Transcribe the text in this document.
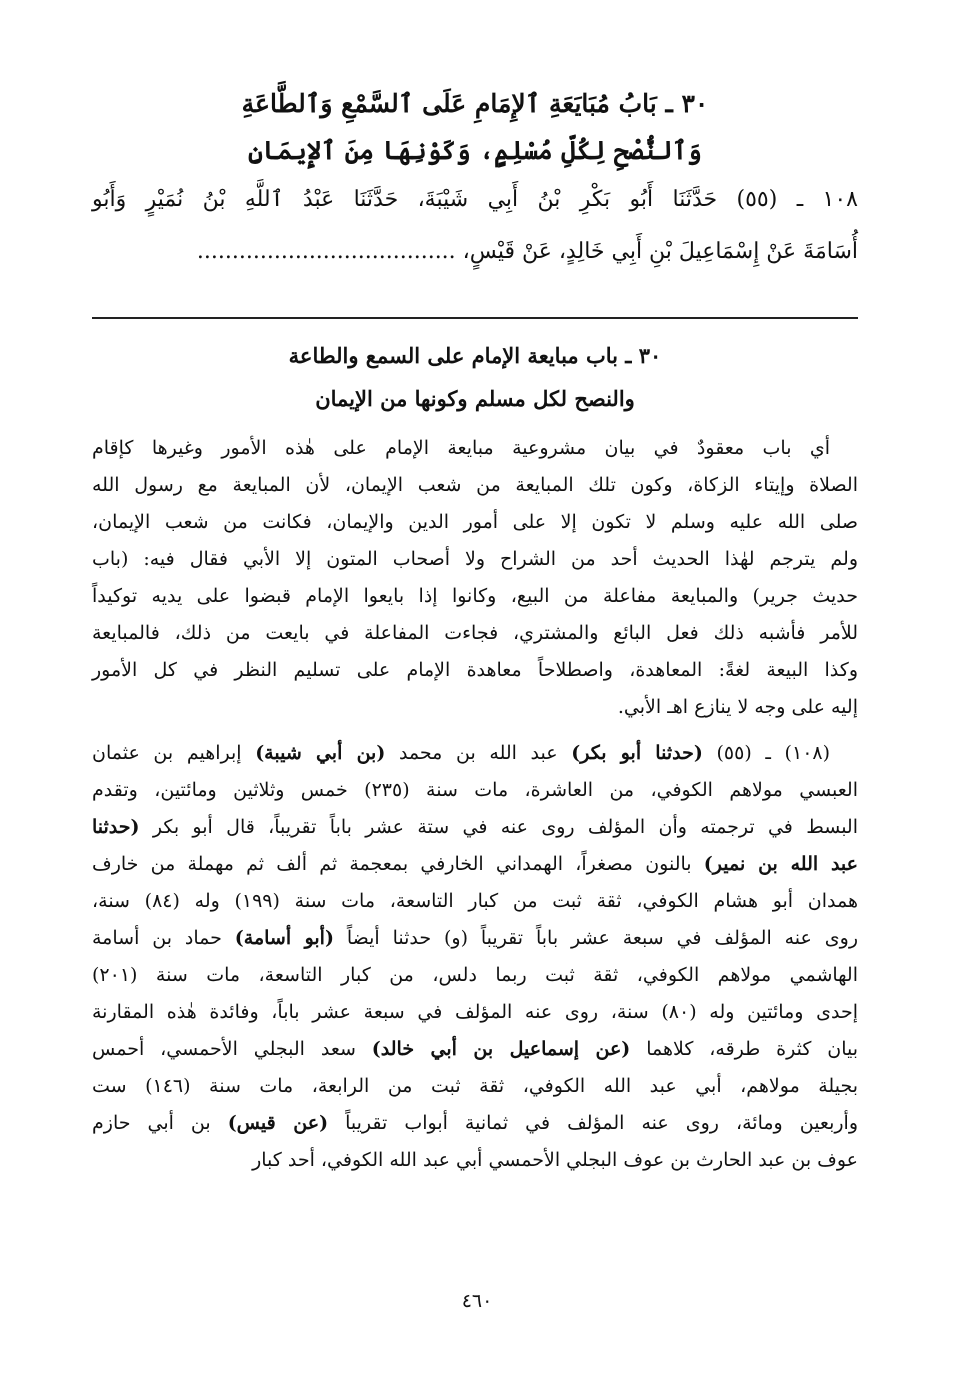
٣٠ ـ بَابُ مُبَايَعَةِ ٱلإِمَامِ عَلَى ٱلسَّمْعِ وَٱلطَّاعَةِ
وَٱلنُّصْحِ لِكُلِّ مُسْلِمٍ، وَكَوْنِهَا مِنَ ٱلإِيمَانِ
١٠٨ ـ (٥٥) حَدَّثَنَا أَبُو بَكْرِ بْنُ أَبِي شَيْبَةَ، حَدَّثَنَا عَبْدُ ٱللَّهِ بْنُ نُمَيْرٍ وَأَبُو
أُسَامَةَ عَنْ إِسْمَاعِيلَ بْنِ أَبِي خَالِدٍ، عَنْ قَيْسٍ، .....................................
٣٠ ـ باب مبايعة الإمام على السمع والطاعة
والنصح لكل مسلم وكونها من الإيمان
أي باب معقودٌ في بيان مشروعية مبايعة الإمام على هٰذه الأمور وغيرها كإقام
الصلاة وإيتاء الزكاة، وكون تلك المبايعة من شعب الإيمان، لأن المبايعة مع رسول الله
صلى الله عليه وسلم لا تكون إلا على أمور الدين والإيمان، فكانت من شعب الإيمان،
ولم يترجم لهٰذا الحديث أحد من الشراح ولا أصحاب المتون إلا الأبي فقال فيه: (باب
حديث جرير) والمبايعة مفاعلة من البيع، وكانوا إذا بايعوا الإمام قبضوا على يديه توكيداً
للأمر فأشبه ذلك فعل البائع والمشتري، فجاءت المفاعلة في بايعت من ذلك، فالمبايعة
وكذا البيعة لغةً: المعاهدة، واصطلاحاً معاهدة الإمام على تسليم النظر في كل الأمور
إليه على وجه لا ينازع اهـ الأبي.
(١٠٨) ـ (٥٥) (حدثنا أبو بكر) عبد الله بن محمد (بن أبي شيبة) إبراهيم بن عثمان
العبسي مولاهم الكوفي، من العاشرة، مات سنة (٢٣٥) خمس وثلاثين ومائتين، وتقدم
البسط في ترجمته وأن المؤلف روى عنه في ستة عشر باباً تقريباً، قال أبو بكر (حدثنا
عبد الله بن نمير) بالنون مصغراً، الهمداني الخارفي بمعجمة ثم ألف ثم مهملة من خارف
همدان أبو هشام الكوفي، ثقة ثبت من كبار التاسعة، مات سنة (١٩٩) وله (٨٤) سنة،
روى عنه المؤلف في سبعة عشر باباً تقريباً (و) حدثنا أيضاً (أبو أسامة) حماد بن أسامة
الهاشمي مولاهم الكوفي، ثقة ثبت ربما دلس، من كبار التاسعة، مات سنة (٢٠١)
إحدى ومائتين وله (٨٠) سنة، روى عنه المؤلف في سبعة عشر باباً، وفائدة هٰذه المقارنة
بيان كثرة طرقه، كلاهما (عن إسماعيل بن أبي خالد) سعد البجلي الأحمسي، أحمس
بجيلة مولاهم، أبي عبد الله الكوفي، ثقة ثبت من الرابعة، مات سنة (١٤٦) ست
وأربعين ومائة، روى عنه المؤلف في ثمانية أبواب تقريباً (عن قيس) بن أبي حازم
عوف بن عبد الحارث بن عوف البجلي الأحمسي أبي عبد الله الكوفي، أحد كبار
٤٦٠
